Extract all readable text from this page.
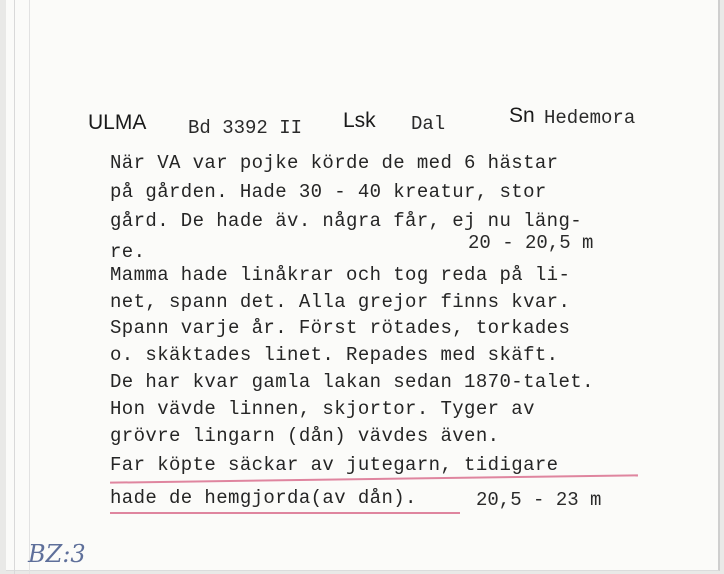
ULMA Bd 3392 II Lsk Dal	Sn Hedemora
När VA var pojke körde de med 6 hästar
på gården. Hade 30 - 40 kreatur, stor
gård. De hade äv. några får, ej nu läng-
re.	20 - 20,5 m
Mamma hade linåkrar och tog reda på li-
net, spann det. Alla grejor finns kvar.
Spann varje år. Först rötades, torkades
o. skäktades linet. Repades med skäft.
De har kvar gamla lakan sedan 1870-talet.
Hon vävde linnen, skjortor. Tyger av
grövre lingarn (dån) vävdes även.
Far köpte säckar av jutegarn, tidigare
hade de hemgjorda(av dån).	20,5 - 23 m
BZ:3
